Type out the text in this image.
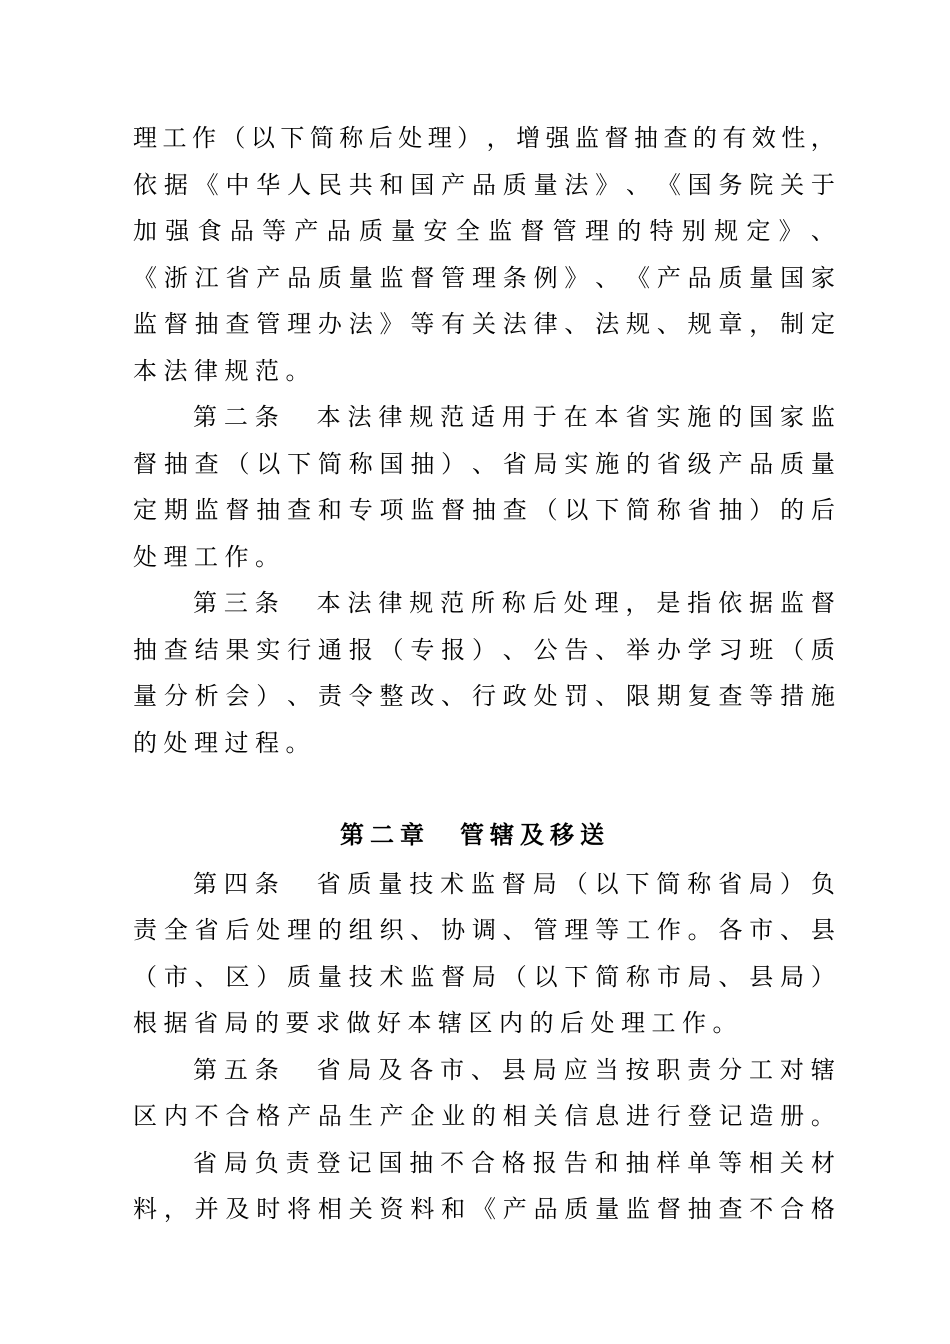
理 工 作 （ 以 下 简 称 后 处 理 ） ， 增 强 监 督 抽 查 的 有 效 性 ，
依 据 《 中 华 人 民 共 和 国 产 品 质 量 法 》 、 《 国 务 院 关 于
加 强 食 品 等 产 品 质 量 安 全 监 督 管 理 的 特 别 规 定 》 、
《 浙 江 省 产 品 质 量 监 督 管 理 条 例 》 、 《 产 品 质 量 国 家
监 督 抽 查 管 理 办 法 》 等 有 关 法 律 、 法 规 、 规 章 ， 制 定
本 法 律 规 范 。
第 二 条
　 本 法 律 规 范 适 用 于 在 本 省 实 施 的 国 家 监
督 抽 查 （ 以 下 简 称 国 抽 ） 、 省 局 实 施 的 省 级 产 品 质 量
定 期 监 督 抽 查 和 专 项 监 督 抽 查 （ 以 下 简 称 省 抽 ） 的 后
处 理 工 作 。
第 三 条
　 本 法 律 规 范 所 称 后 处 理 ， 是 指 依 据 监 督
抽 查 结 果 实 行 通 报 （ 专 报 ） 、 公 告 、 举 办 学 习 班 （ 质
量 分 析 会 ） 、 责 令 整 改 、 行 政 处 罚 、 限 期 复 查 等 措 施
的 处 理 过 程 。
第二章　管辖及移送
第 四 条
　 省 质 量 技 术 监 督 局 （ 以 下 简 称 省 局 ） 负
责 全 省 后 处 理 的 组 织 、 协 调 、 管 理 等 工 作 。 各 市 、 县
（ 市 、 区 ） 质 量 技 术 监 督 局 （ 以 下 简 称 市 局 、 县 局 ）
根 据 省 局 的 要 求 做 好 本 辖 区 内 的 后 处 理 工 作 。
第 五 条
　 省 局 及 各 市 、 县 局 应 当 按 职 责 分 工 对 辖
区 内 不 合 格 产 品 生 产 企 业 的 相 关 信 息 进 行 登 记 造 册 。
省 局 负 责 登 记 国 抽 不 合 格 报 告 和 抽 样 单 等 相 关 材
料 ， 并 及 时 将 相 关 资 料 和 《 产 品 质 量 监 督 抽 查 不 合 格
